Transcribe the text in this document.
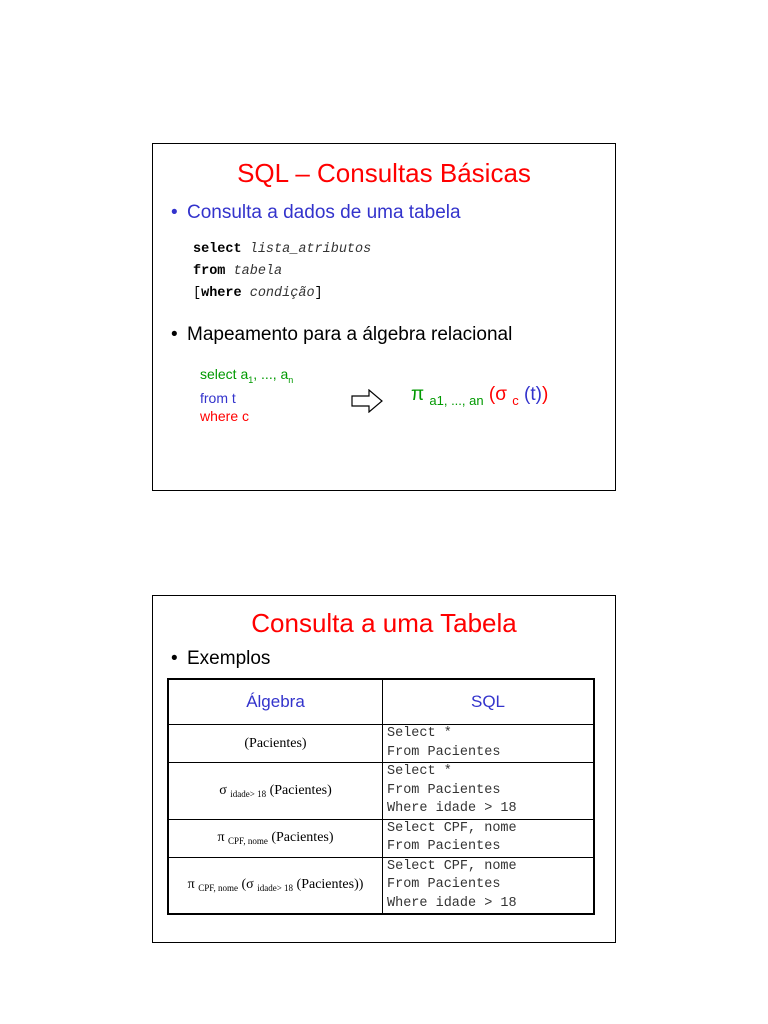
SQL – Consultas Básicas
• Consulta a dados de uma tabela
select lista_atributos
from tabela
[where condição]
• Mapeamento para a álgebra relacional
select $a_1$, ..., $a_n$
from t
where c
π $_{a1, ..., an}$ (σ $_c$ (t))
Consulta a uma Tabela
• Exemplos
Álgebra	SQL
(Pacientes)	Select *
From Pacientes
σ $_{idade> 18}$ (Pacientes)	Select *
From Pacientes
Where idade > 18
π $_{CPF, nome}$ (Pacientes)	Select CPF, nome
From Pacientes
π $_{CPF, nome}$ (σ $_{idade> 18}$ (Pacientes))	Select CPF, nome
From Pacientes
Where idade > 18
